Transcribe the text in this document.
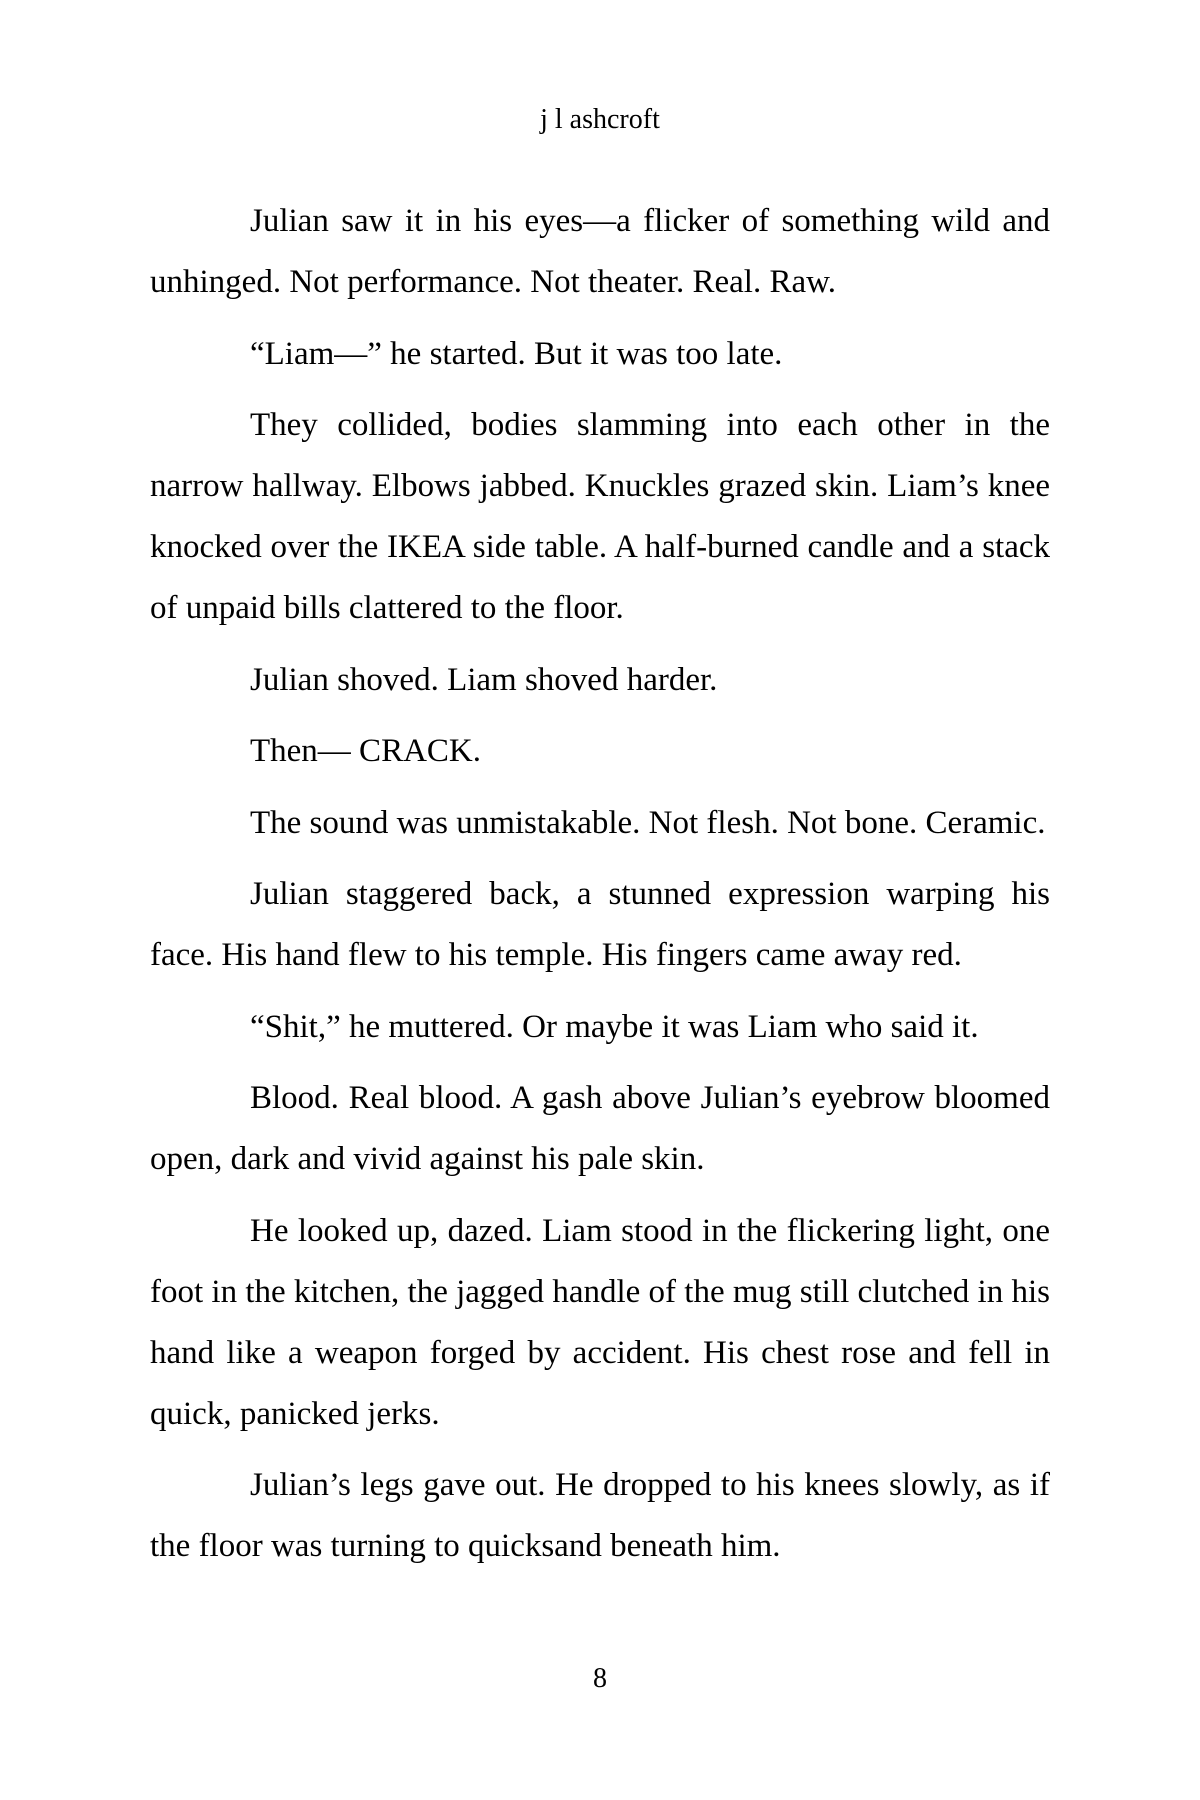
j l ashcroft

Julian saw it in his eyes—a flicker of something wild and unhinged. Not performance. Not theater. Real. Raw.

“Liam—” he started. But it was too late.

They collided, bodies slamming into each other in the narrow hallway. Elbows jabbed. Knuckles grazed skin. Liam’s knee knocked over the IKEA side table. A half-burned candle and a stack of unpaid bills clattered to the floor.

Julian shoved. Liam shoved harder.

Then— CRACK.

The sound was unmistakable. Not flesh. Not bone. Ceramic.

Julian staggered back, a stunned expression warping his face. His hand flew to his temple. His fingers came away red.

“Shit,” he muttered. Or maybe it was Liam who said it.

Blood. Real blood. A gash above Julian’s eyebrow bloomed open, dark and vivid against his pale skin.

He looked up, dazed. Liam stood in the flickering light, one foot in the kitchen, the jagged handle of the mug still clutched in his hand like a weapon forged by accident. His chest rose and fell in quick, panicked jerks.

Julian’s legs gave out. He dropped to his knees slowly, as if the floor was turning to quicksand beneath him.

8
